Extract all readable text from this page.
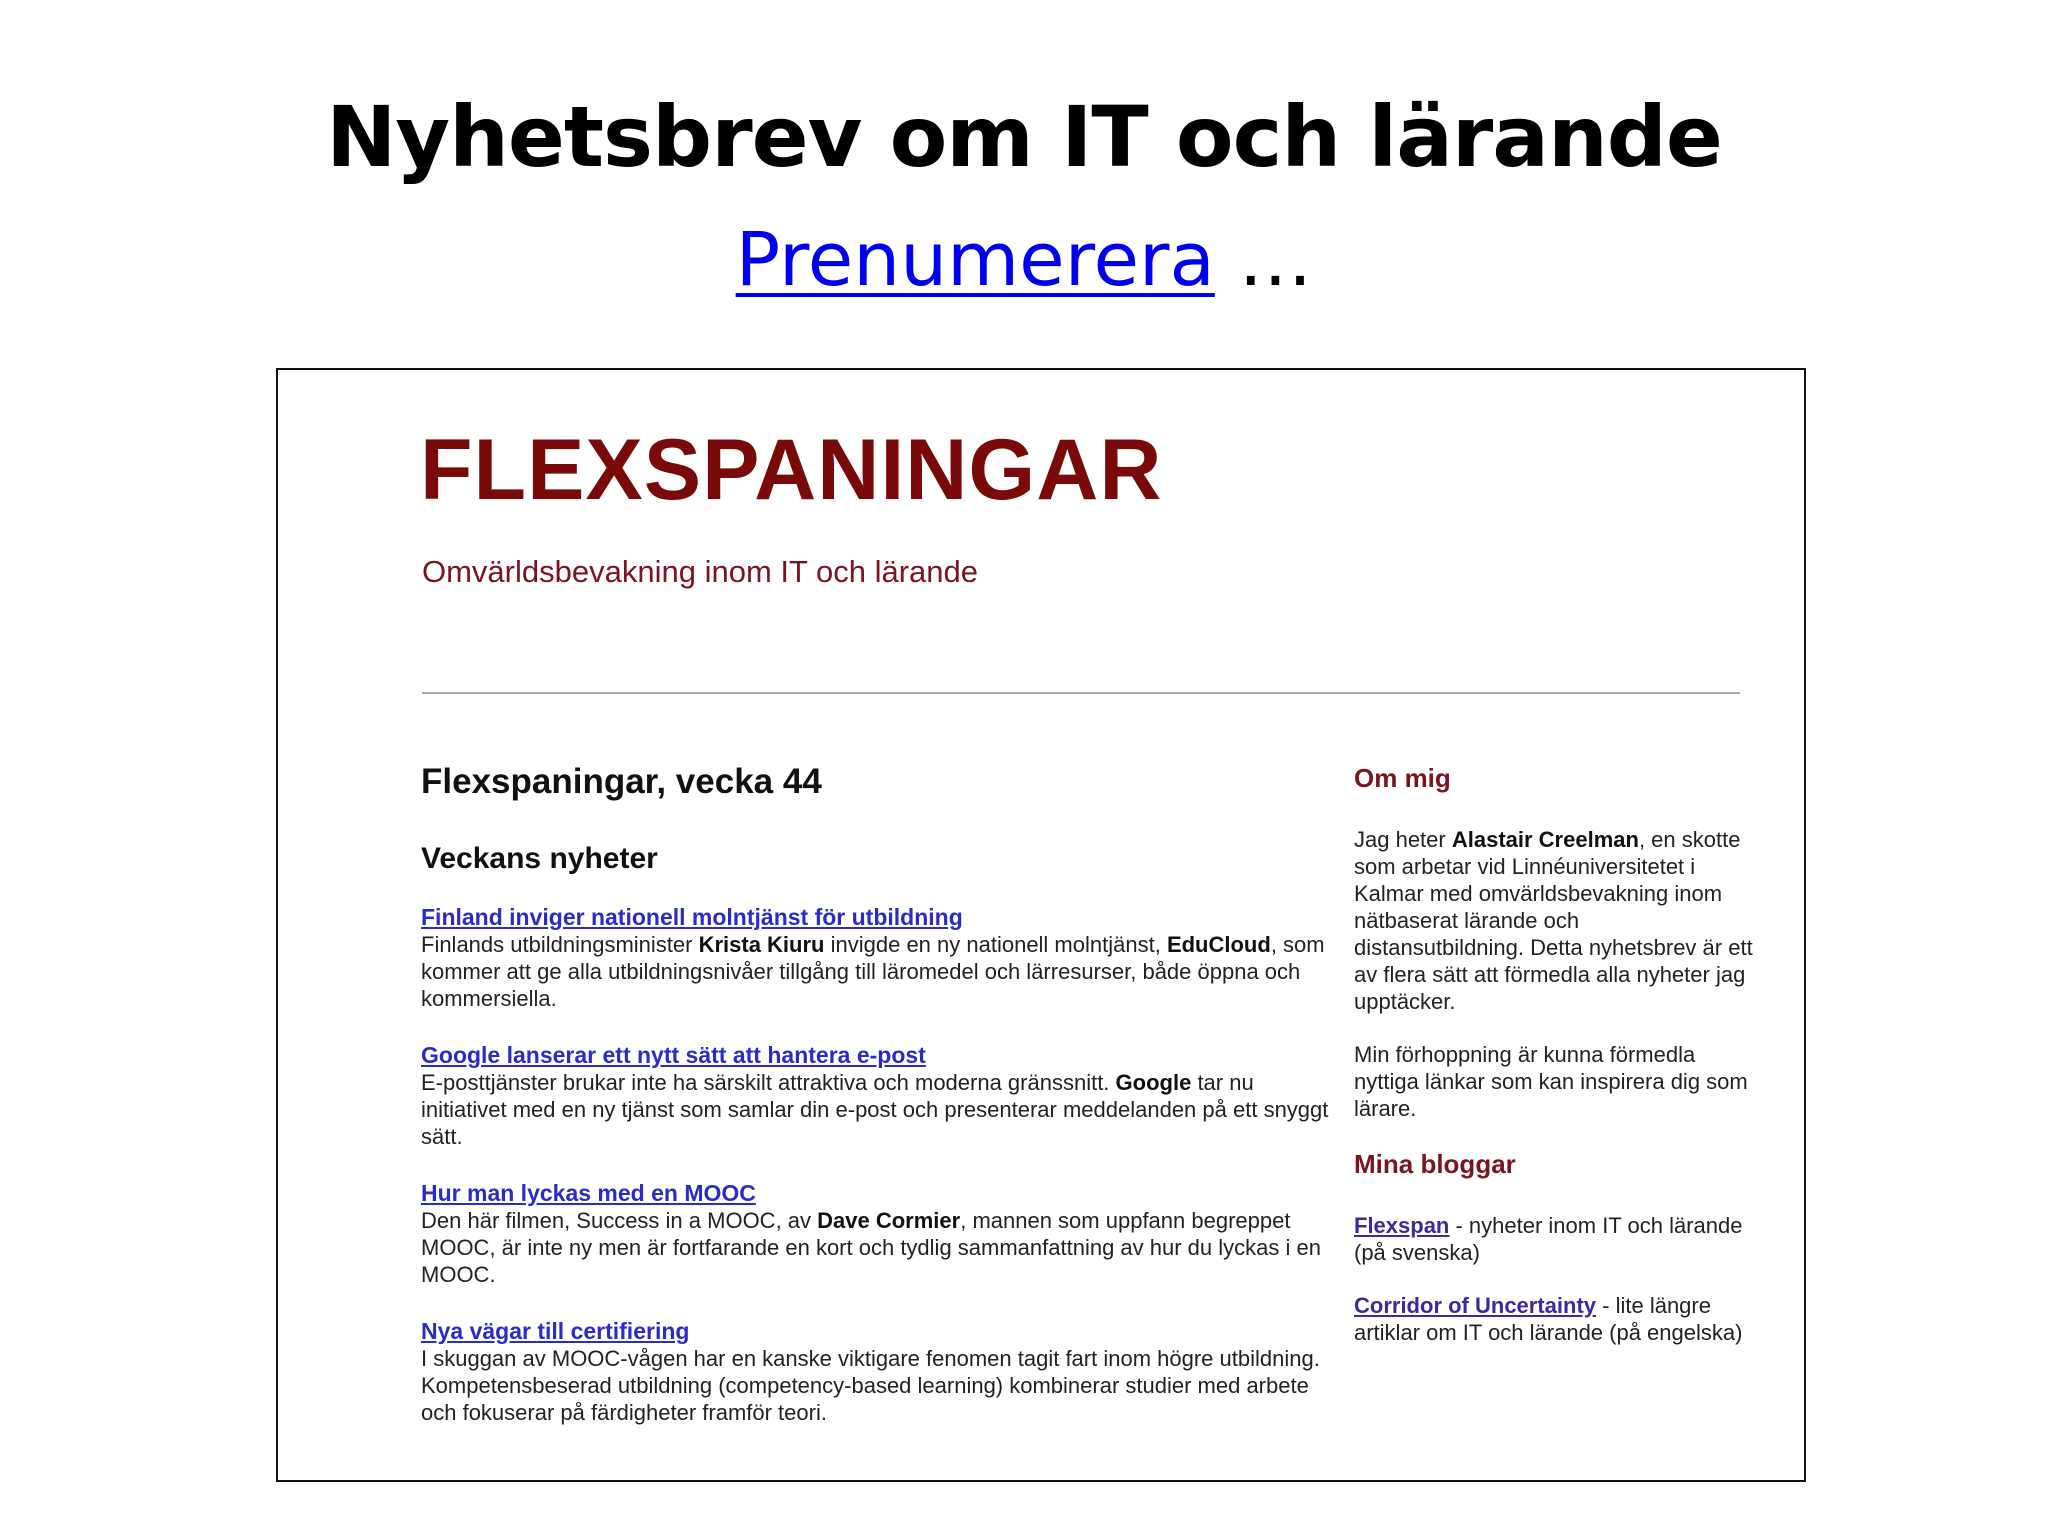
Nyhetsbrev om IT och lärande
Prenumerera …
FLEXSPANINGAR
Omvärldsbevakning inom IT och lärande
Flexspaningar, vecka 44
Veckans nyheter
Finland inviger nationell molntjänst för utbildning

Finlands utbildningsminister Krista Kiuru invigde en ny nationell molntjänst, EduCloud, som kommer att ge alla utbildningsnivåer tillgång till läromedel och lärresurser, både öppna och kommersiella.

Google lanserar ett nytt sätt att hantera e-post

E-posttjänster brukar inte ha särskilt attraktiva och moderna gränssnitt. Google tar nu initiativet med en ny tjänst som samlar din e-post och presenterar meddelanden på ett snyggt sätt.

Hur man lyckas med en MOOC

Den här filmen, Success in a MOOC, av Dave Cormier, mannen som uppfann begreppet MOOC, är inte ny men är fortfarande en kort och tydlig sammanfattning av hur du lyckas i en MOOC.

Nya vägar till certifiering

I skuggan av MOOC-vågen har en kanske viktigare fenomen tagit fart inom högre utbildning. Kompetensbeserad utbildning (competency-based learning) kombinerar studier med arbete och fokuserar på färdigheter framför teori.

Om mig

Jag heter Alastair Creelman, en skotte som arbetar vid Linnéuniversitetet i Kalmar med omvärldsbevakning inom nätbaserat lärande och distansutbildning. Detta nyhetsbrev är ett av flera sätt att förmedla alla nyheter jag upptäcker.

Min förhoppning är kunna förmedla nyttiga länkar som kan inspirera dig som lärare.

Mina bloggar

Flexspan - nyheter inom IT och lärande (på svenska)

Corridor of Uncertainty - lite längre artiklar om IT och lärande (på engelska)
